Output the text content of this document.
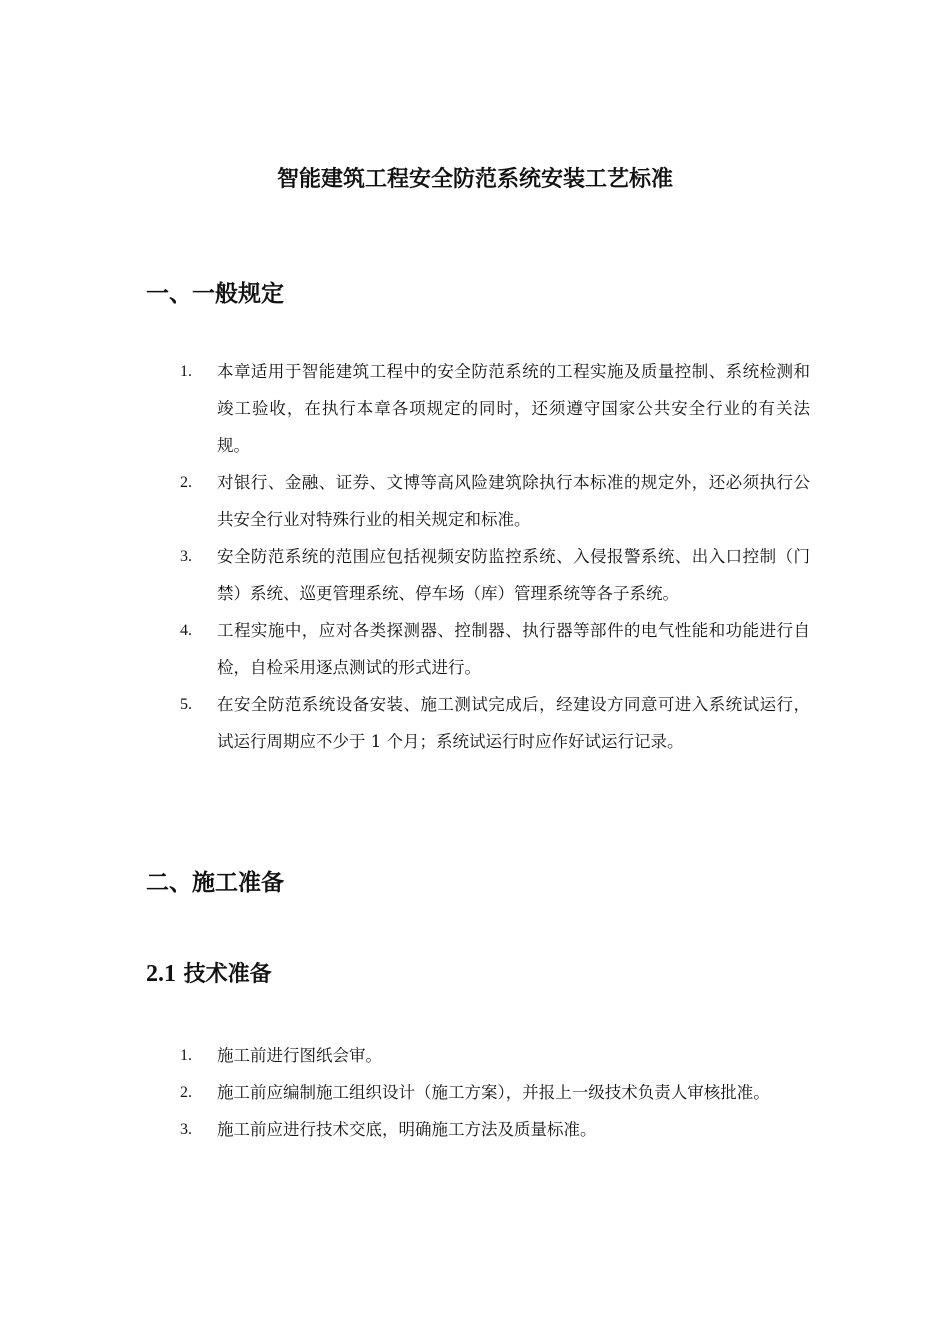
智能建筑工程安全防范系统安装工艺标准
一、一般规定
1. 本章适用于智能建筑工程中的安全防范系统的工程实施及质量控制、系统检测和竣工验收，在执行本章各项规定的同时，还须遵守国家公共安全行业的有关法规。
2. 对银行、金融、证券、文博等高风险建筑除执行本标准的规定外，还必须执行公共安全行业对特殊行业的相关规定和标准。
3. 安全防范系统的范围应包括视频安防监控系统、入侵报警系统、出入口控制（门禁）系统、巡更管理系统、停车场（库）管理系统等各子系统。
4. 工程实施中，应对各类探测器、控制器、执行器等部件的电气性能和功能进行自检，自检采用逐点测试的形式进行。
5. 在安全防范系统设备安装、施工测试完成后，经建设方同意可进入系统试运行，试运行周期应不少于 1 个月；系统试运行时应作好试运行记录。
二、施工准备
2.1 技术准备
1. 施工前进行图纸会审。
2. 施工前应编制施工组织设计（施工方案），并报上一级技术负责人审核批准。
3. 施工前应进行技术交底，明确施工方法及质量标准。
